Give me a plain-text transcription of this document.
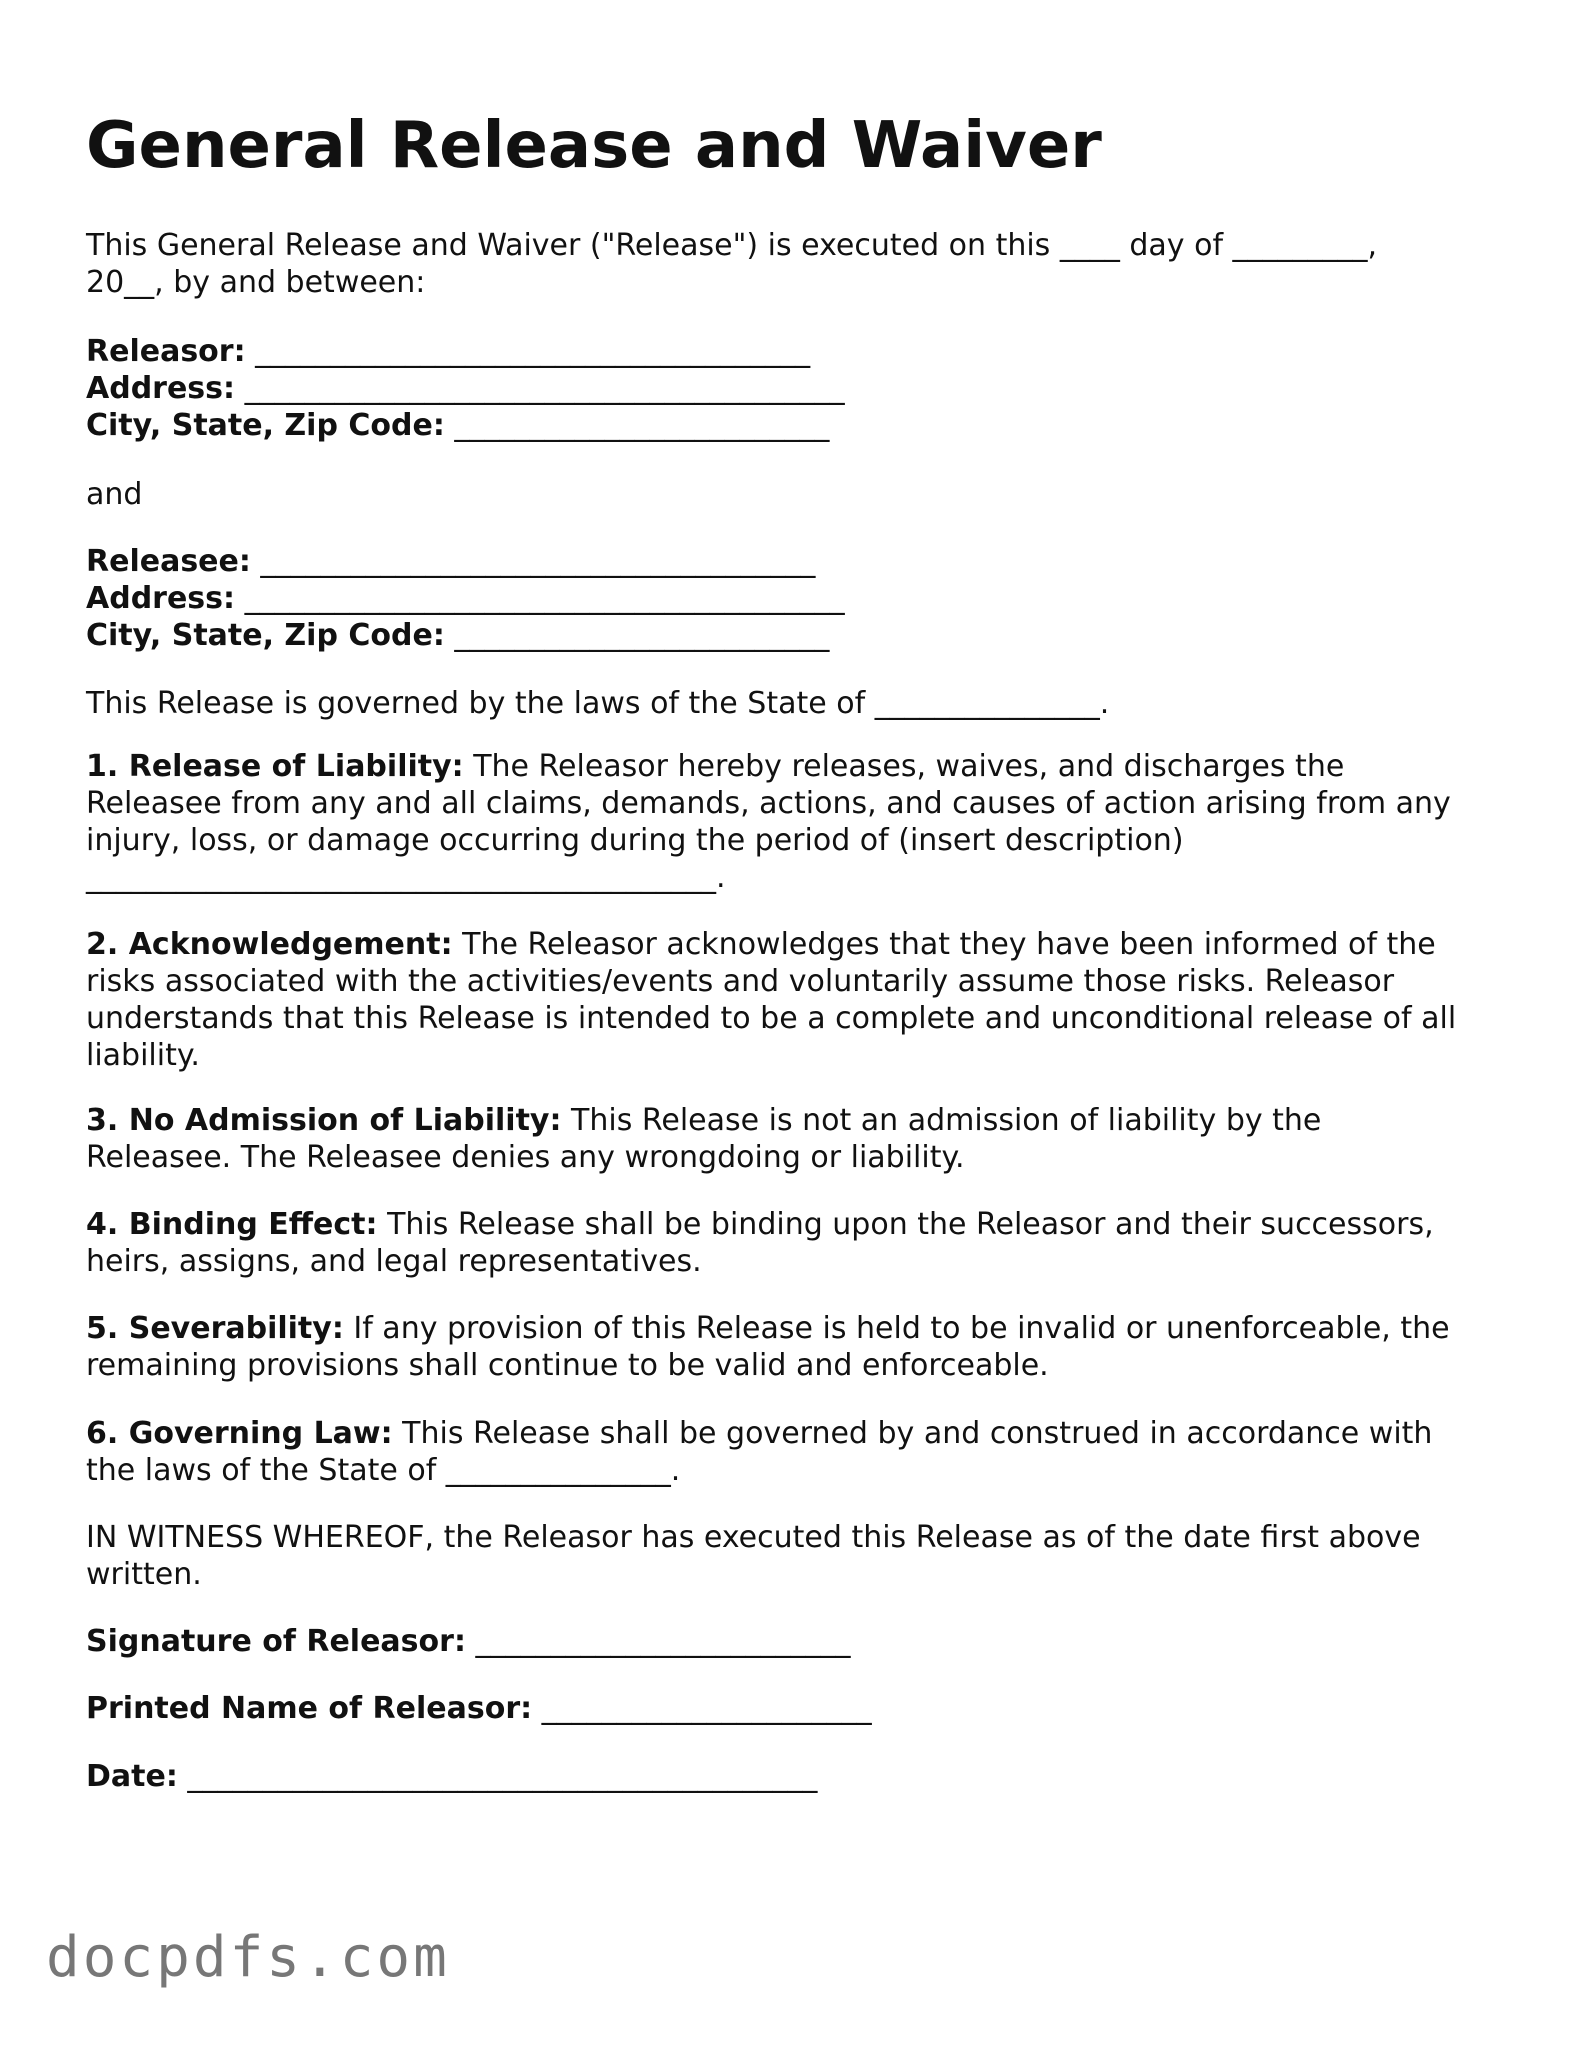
General Release and Waiver
This General Release and Waiver ("Release") is executed on this ____ day of _________,
20__, by and between:
Releasor: _____________________________________
Address: ________________________________________
City, State, Zip Code: _________________________
and
Releasee: _____________________________________
Address: ________________________________________
City, State, Zip Code: _________________________
This Release is governed by the laws of the State of _______________.
1. Release of Liability: The Releasor hereby releases, waives, and discharges the
Releasee from any and all claims, demands, actions, and causes of action arising from any
injury, loss, or damage occurring during the period of (insert description)
__________________________________________.
2. Acknowledgement: The Releasor acknowledges that they have been informed of the
risks associated with the activities/events and voluntarily assume those risks. Releasor
understands that this Release is intended to be a complete and unconditional release of all
liability.
3. No Admission of Liability: This Release is not an admission of liability by the
Releasee. The Releasee denies any wrongdoing or liability.
4. Binding Effect: This Release shall be binding upon the Releasor and their successors,
heirs, assigns, and legal representatives.
5. Severability: If any provision of this Release is held to be invalid or unenforceable, the
remaining provisions shall continue to be valid and enforceable.
6. Governing Law: This Release shall be governed by and construed in accordance with
the laws of the State of _______________.
IN WITNESS WHEREOF, the Releasor has executed this Release as of the date first above
written.
Signature of Releasor: _________________________
Printed Name of Releasor: ______________________
Date: __________________________________________
docpdfs.com
